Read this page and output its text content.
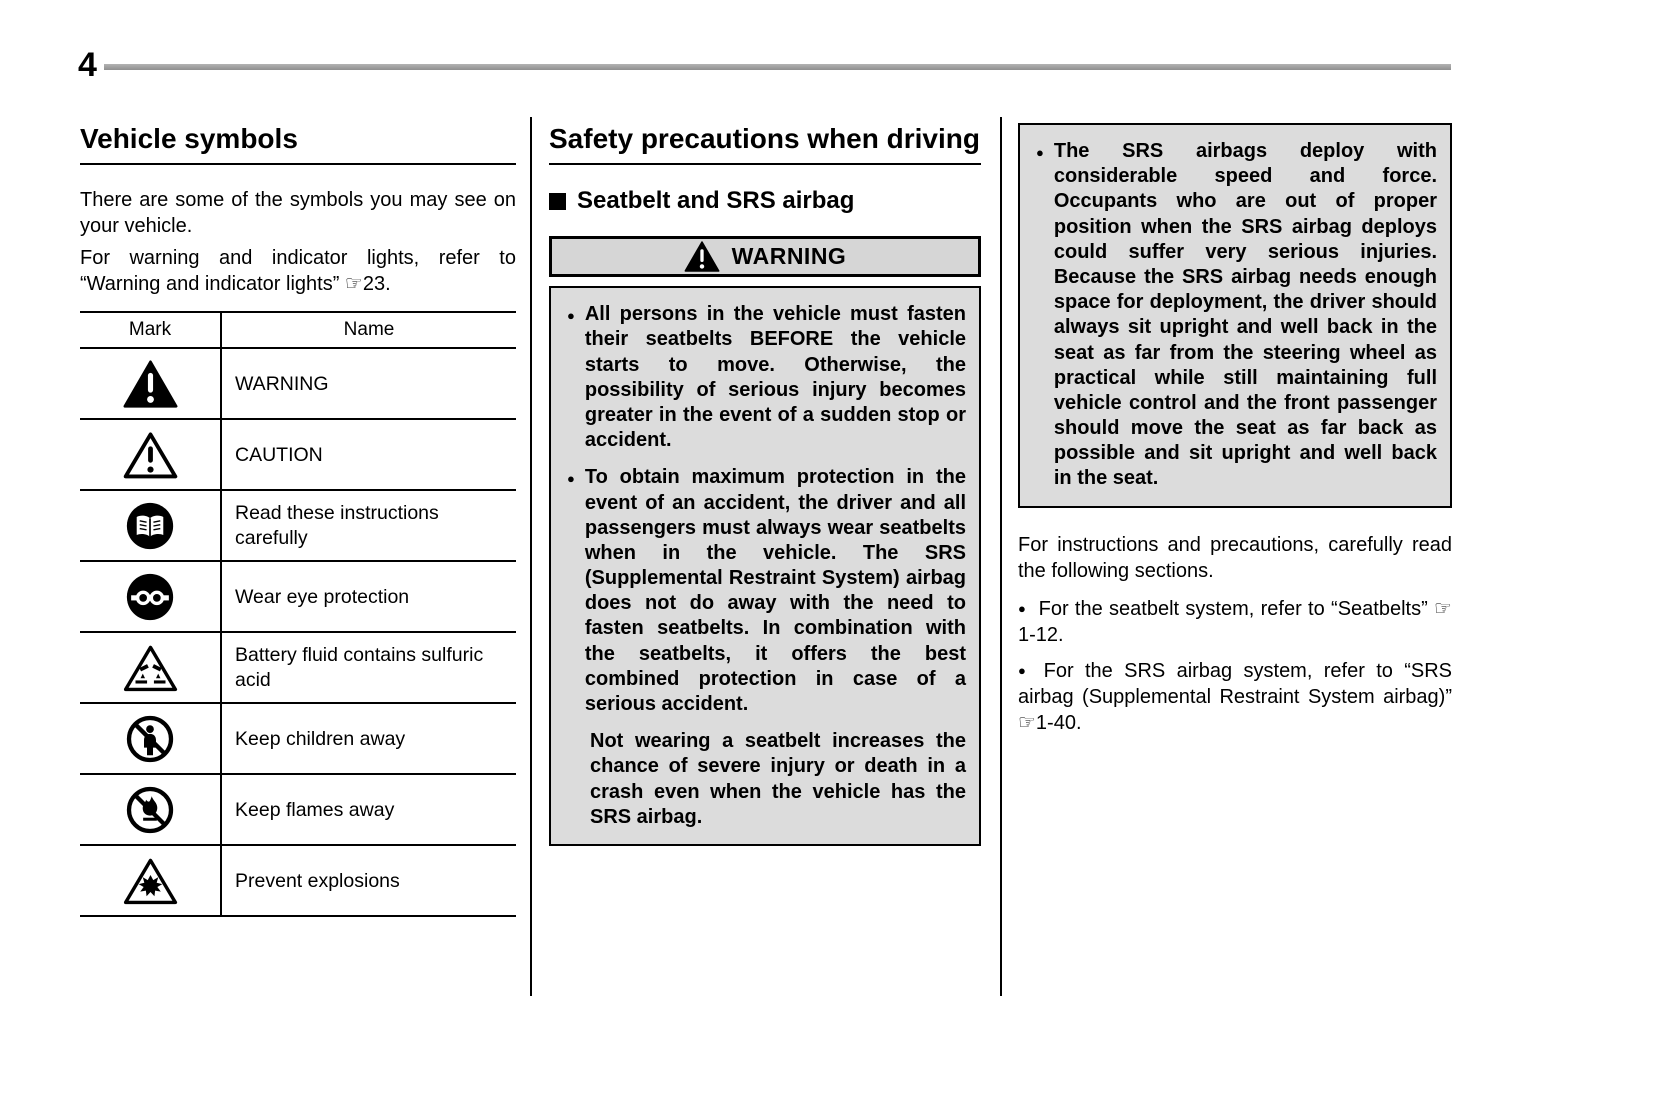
4
Vehicle symbols

There are some of the symbols you may see on your vehicle.

For warning and indicator lights, refer to “Warning and indicator lights” ☞23.

Mark	Name

	WARNING

	CAUTION

	Read these instructions carefully

	Wear eye protection

	Battery fluid contains sulfuric acid

	Keep children away

	Keep flames away

	Prevent explosions
Safety precautions when driving
Seatbelt and SRS airbag
WARNING
● All persons in the vehicle must fasten their seatbelts BEFORE the vehicle starts to move. Otherwise, the possibility of serious injury becomes greater in the event of a sudden stop or accident.
● To obtain maximum protection in the event of an accident, the driver and all passengers must always wear seatbelts when in the vehicle. The SRS (Supplemental Restraint System) airbag does not do away with the need to fasten seatbelts. In combination with the seatbelts, it offers the best combined protection in case of a serious accident.
Not wearing a seatbelt increases the chance of severe injury or death in a crash even when the vehicle has the SRS airbag.
● The SRS airbags deploy with considerable speed and force. Occupants who are out of proper position when the SRS airbag deploys could suffer very serious injuries. Because the SRS airbag needs enough space for deployment, the driver should always sit upright and well back in the seat as far from the steering wheel as practical while still maintaining full vehicle control and the front passenger should move the seat as far back as possible and sit upright and well back in the seat.

For instructions and precautions, carefully read the following sections.

● For the seatbelt system, refer to “Seatbelts” ☞1-12.

● For the SRS airbag system, refer to “SRS airbag (Supplemental Restraint System airbag)” ☞1-40.
